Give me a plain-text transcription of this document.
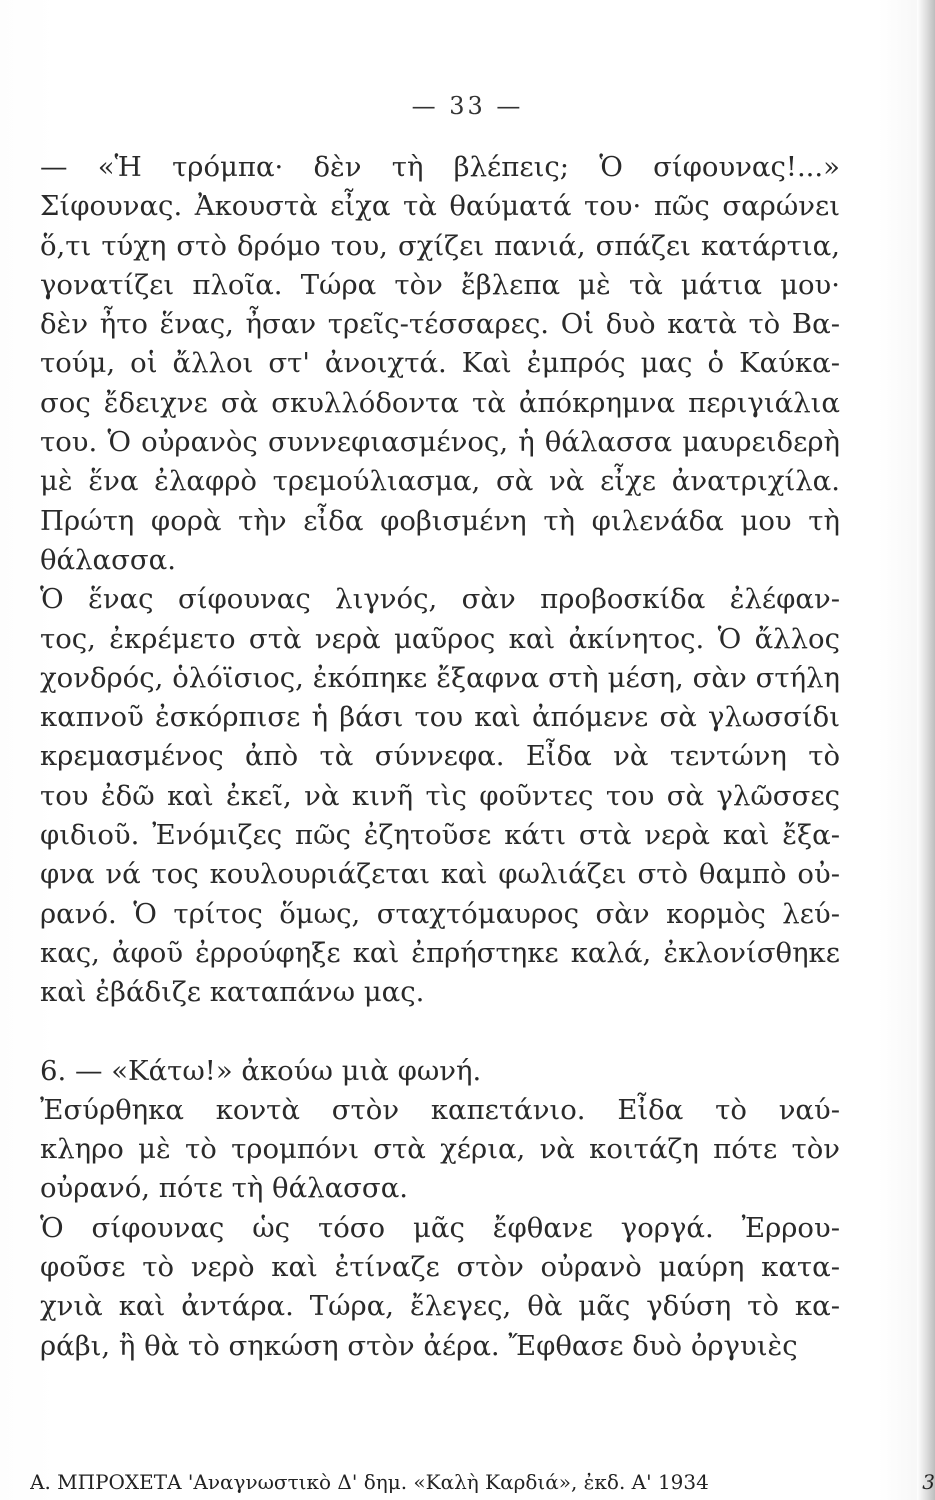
— 33 —
— «Ἡ τρόμπα· δὲν τὴ βλέπεις; Ὁ σίφουνας!...»
Σίφουνας. Ἀκουστὰ εἶχα τὰ θαύματά του· πῶς σαρώνει
ὅ,τι τύχη στὸ δρόμο του, σχίζει πανιά, σπάζει κατάρτια,
γονατίζει πλοῖα. Τώρα τὸν ἔβλεπα μὲ τὰ μάτια μου·
δὲν ἦτο ἕνας, ἦσαν τρεῖς-τέσσαρες. Οἱ δυὸ κατὰ τὸ Βα-
τούμ, οἱ ἄλλοι στ' ἀνοιχτά. Καὶ ἐμπρός μας ὁ Καύκα-
σος ἔδειχνε σὰ σκυλλόδοντα τὰ ἀπόκρημνα περιγιάλια
του. Ὁ οὐρανὸς συννεφιασμένος, ἡ θάλασσα μαυρειδερὴ
μὲ ἕνα ἐλαφρὸ τρεμούλιασμα, σὰ νὰ εἶχε ἀνατριχίλα.
Πρώτη φορὰ τὴν εἶδα φοβισμένη τὴ φιλενάδα μου τὴ
θάλασσα.
Ὁ ἕνας σίφουνας λιγνός, σὰν προβοσκίδα ἐλέφαν-
τος, ἐκρέμετο στὰ νερὰ μαῦρος καὶ ἀκίνητος. Ὁ ἄλλος
χονδρός, ὁλόϊσιος, ἐκόπηκε ἔξαφνα στὴ μέση, σὰν στήλη
καπνοῦ ἐσκόρπισε ἡ βάσι του καὶ ἀπόμενε σὰ γλωσσίδι
κρεμασμένος ἀπὸ τὰ σύννεφα. Εἶδα νὰ τεντώνη τὸ
του ἐδῶ καὶ ἐκεῖ, νὰ κινῆ τὶς φοῦντες του σὰ γλῶσσες
φιδιοῦ. Ἐνόμιζες πῶς ἐζητοῦσε κάτι στὰ νερὰ καὶ ἔξα-
φνα νά τος κουλουριάζεται καὶ φωλιάζει στὸ θαμπὸ οὐ-
ρανό. Ὁ τρίτος ὅμως, σταχτόμαυρος σὰν κορμὸς λεύ-
κας, ἀφοῦ ἐρρούφηξε καὶ ἐπρήστηκε καλά, ἐκλονίσθηκε
καὶ ἐβάδιζε καταπάνω μας.
6. — «Κάτω!» ἀκούω μιὰ φωνή.
Ἐσύρθηκα κοντὰ στὸν καπετάνιο. Εἶδα τὸ ναύ-
κληρο μὲ τὸ τρομπόνι στὰ χέρια, νὰ κοιτάζη πότε τὸν
οὐρανό, πότε τὴ θάλασσα.
Ὁ σίφουνας ὡς τόσο μᾶς ἔφθανε γοργά. Ἐρρου-
φοῦσε τὸ νερὸ καὶ ἐτίναζε στὸν οὐρανὸ μαύρη κατα-
χνιὰ καὶ ἀντάρα. Τώρα, ἔλεγες, θὰ μᾶς γδύση τὸ κα-
ράβι, ἢ θὰ τὸ σηκώση στὸν ἀέρα. Ἔφθασε δυὸ ὀργυιὲς
Α. ΜΠΡΟΧΕΤΑ 'Αναγνωστικὸ Δ' δημ. «Καλὴ Καρδιά», ἐκδ. Α' 1934	3
